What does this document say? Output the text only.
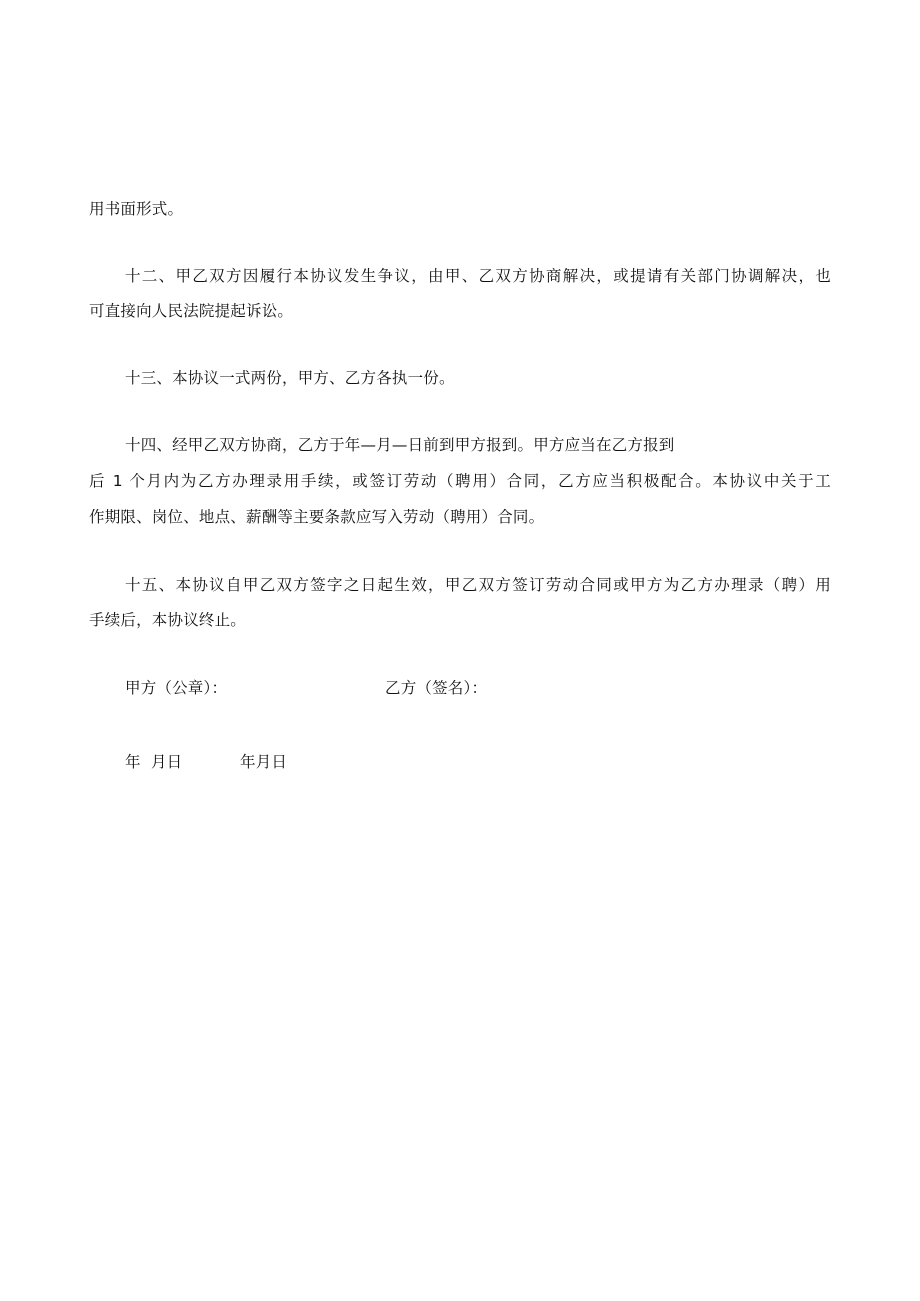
用书面形式。
十二、甲乙双方因履行本协议发生争议，由甲、乙双方协商解决，或提请有关部门协调解决，也
可直接向人民法院提起诉讼。
十三、本协议一式两份，甲方、乙方各执一份。
十四、经甲乙双方协商，乙方于年—月—日前到甲方报到。甲方应当在乙方报到
后 1 个月内为乙方办理录用手续，或签订劳动（聘用）合同，乙方应当积极配合。本协议中关于工
作期限、岗位、地点、薪酬等主要条款应写入劳动（聘用）合同。
十五、本协议自甲乙双方签字之日起生效，甲乙双方签订劳动合同或甲方为乙方办理录（聘）用
手续后，本协议终止。
甲方（公章）：	乙方（签名）：
年  月日	年月日
